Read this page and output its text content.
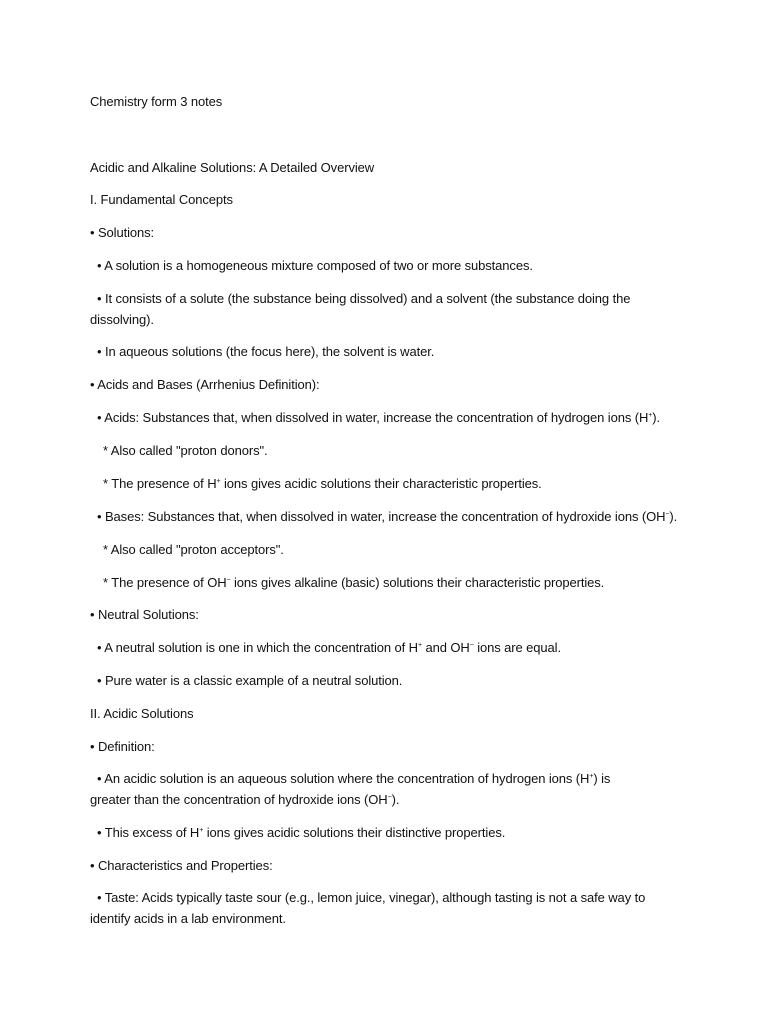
Chemistry form 3 notes
Acidic and Alkaline Solutions: A Detailed Overview
I. Fundamental Concepts
• Solutions:
• A solution is a homogeneous mixture composed of two or more substances.
• It consists of a solute (the substance being dissolved) and a solvent (the substance doing the dissolving).
• In aqueous solutions (the focus here), the solvent is water.
• Acids and Bases (Arrhenius Definition):
• Acids: Substances that, when dissolved in water, increase the concentration of hydrogen ions (H+).
* Also called "proton donors".
* The presence of H+ ions gives acidic solutions their characteristic properties.
• Bases: Substances that, when dissolved in water, increase the concentration of hydroxide ions (OH−).
* Also called "proton acceptors".
* The presence of OH− ions gives alkaline (basic) solutions their characteristic properties.
• Neutral Solutions:
• A neutral solution is one in which the concentration of H+ and OH− ions are equal.
• Pure water is a classic example of a neutral solution.
II. Acidic Solutions
• Definition:
• An acidic solution is an aqueous solution where the concentration of hydrogen ions (H+) is greater than the concentration of hydroxide ions (OH−).
• This excess of H+ ions gives acidic solutions their distinctive properties.
• Characteristics and Properties:
• Taste: Acids typically taste sour (e.g., lemon juice, vinegar), although tasting is not a safe way to identify acids in a lab environment.
